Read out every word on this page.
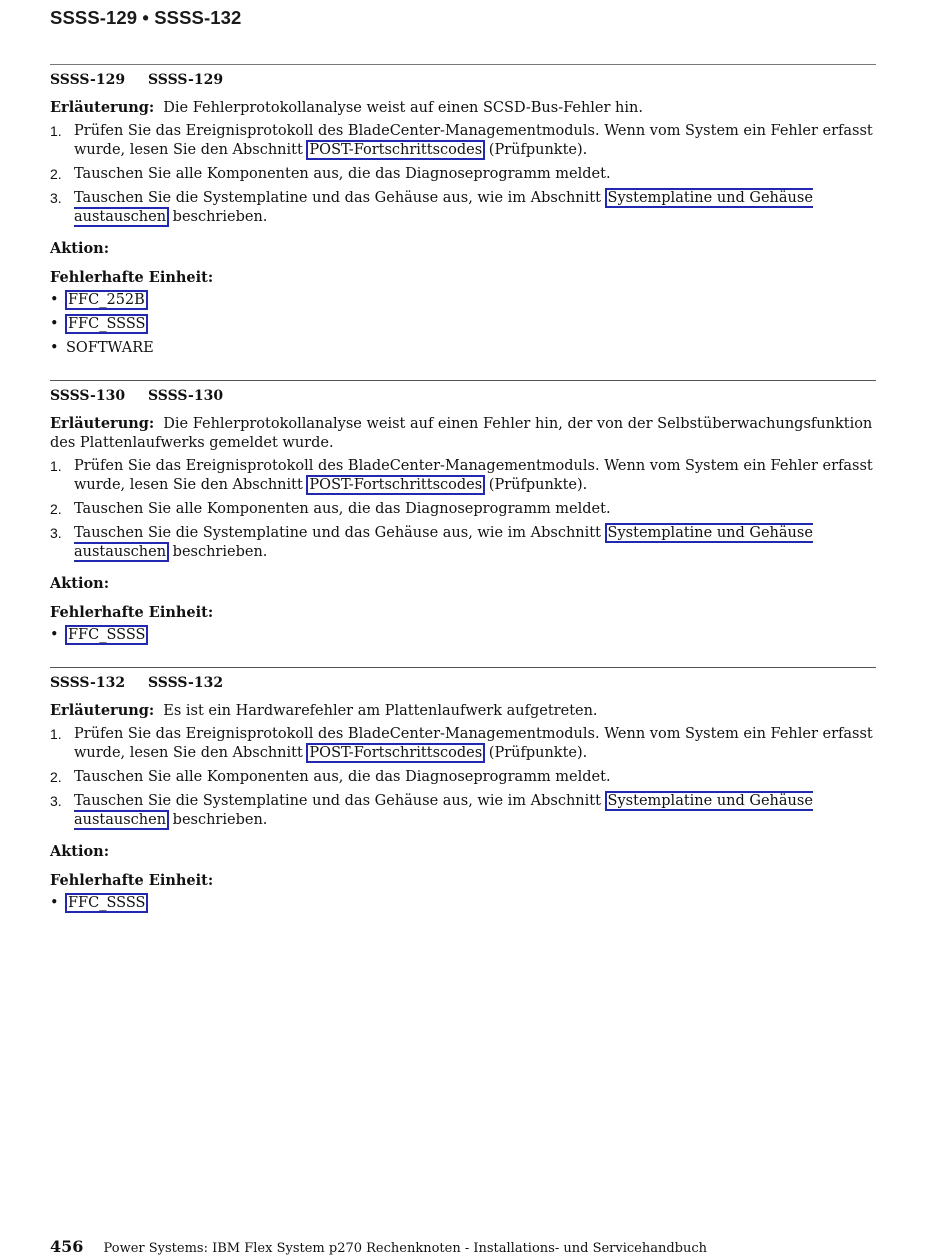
SSSS-129 • SSSS-132
SSSS-129 SSSS-129

Erläuterung: Die Fehlerprotokollanalyse weist auf einen SCSD-Bus-Fehler hin.

1. Prüfen Sie das Ereignisprotokoll des BladeCenter-Managementmoduls. Wenn vom System ein Fehler erfasst wurde, lesen Sie den Abschnitt POST-Fortschrittscodes (Prüfpunkte).
2. Tauschen Sie alle Komponenten aus, die das Diagnoseprogramm meldet.
3. Tauschen Sie die Systemplatine und das Gehäuse aus, wie im Abschnitt Systemplatine und Gehäuse austauschen beschrieben.
Aktion:
Fehlerhafte Einheit:
• FFC_252B
• FFC_SSSS
• SOFTWARE
SSSS-130 SSSS-130

Erläuterung: Die Fehlerprotokollanalyse weist auf einen Fehler hin, der von der Selbstüberwachungsfunktion des Plattenlaufwerks gemeldet wurde.

1. Prüfen Sie das Ereignisprotokoll des BladeCenter-Managementmoduls. Wenn vom System ein Fehler erfasst wurde, lesen Sie den Abschnitt POST-Fortschrittscodes (Prüfpunkte).
2. Tauschen Sie alle Komponenten aus, die das Diagnoseprogramm meldet.
3. Tauschen Sie die Systemplatine und das Gehäuse aus, wie im Abschnitt Systemplatine und Gehäuse austauschen beschrieben.
Aktion:
Fehlerhafte Einheit:
• FFC_SSSS
SSSS-132 SSSS-132

Erläuterung: Es ist ein Hardwarefehler am Plattenlaufwerk aufgetreten.

1. Prüfen Sie das Ereignisprotokoll des BladeCenter-Managementmoduls. Wenn vom System ein Fehler erfasst wurde, lesen Sie den Abschnitt POST-Fortschrittscodes (Prüfpunkte).
2. Tauschen Sie alle Komponenten aus, die das Diagnoseprogramm meldet.
3. Tauschen Sie die Systemplatine und das Gehäuse aus, wie im Abschnitt Systemplatine und Gehäuse austauschen beschrieben.
Aktion:
Fehlerhafte Einheit:
• FFC_SSSS
456 Power Systems: IBM Flex System p270 Rechenknoten - Installations- und Servicehandbuch
